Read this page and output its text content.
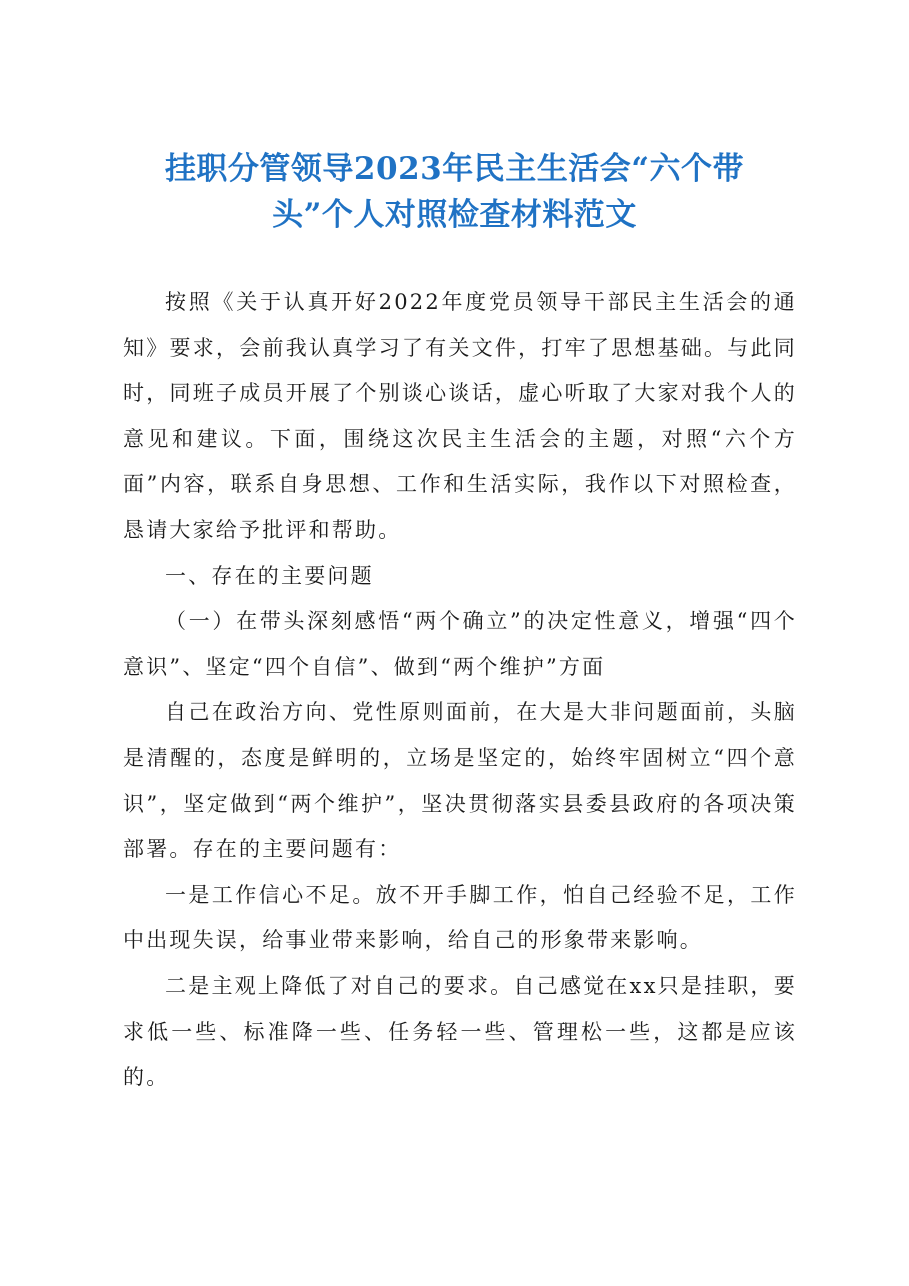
挂职分管领导2023年民主生活会“六个带
头”个人对照检查材料范文

按照《关于认真开好2022年度党员领导干部民主生活会的通知》要求，会前我认真学习了有关文件，打牢了思想基础。与此同时，同班子成员开展了个别谈心谈话，虚心听取了大家对我个人的意见和建议。下面，围绕这次民主生活会的主题，对照“六个方面”内容，联系自身思想、工作和生活实际，我作以下对照检查，恳请大家给予批评和帮助。

一、存在的主要问题

（一）在带头深刻感悟“两个确立”的决定性意义，增强“四个意识”、坚定“四个自信”、做到“两个维护”方面

自己在政治方向、党性原则面前，在大是大非问题面前，头脑是清醒的，态度是鲜明的，立场是坚定的，始终牢固树立“四个意识”，坚定做到“两个维护”，坚决贯彻落实县委县政府的各项决策部署。存在的主要问题有：

一是工作信心不足。放不开手脚工作，怕自己经验不足，工作中出现失误，给事业带来影响，给自己的形象带来影响。

二是主观上降低了对自己的要求。自己感觉在xx只是挂职，要求低一些、标准降一些、任务轻一些、管理松一些，这都是应该的。
